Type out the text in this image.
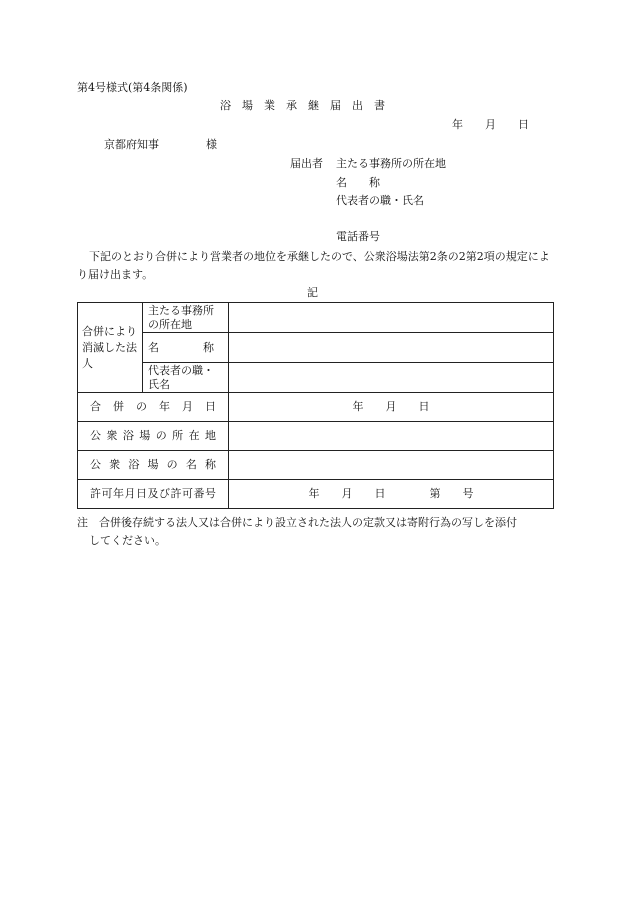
第4号様式(第4条関係)
浴場業承継届出書
年　　月　　日
京都府知事	様
届出者 主たる事務所の所在地
名　　称
代表者の職・氏名
電話番号
下記のとおり合併により営業者の地位を承継したので、公衆浴場法第2条の2第2項の規定により届け出ます。
記
合併により消滅した法人	主たる事務所の所在地	
	名　　　　称	
	代表者の職・氏名	
合併の年月日		年　　月　　日
公衆浴場の所在地		
公衆浴場の名称		
許可年月日及び許可番号		年　　月　　日　　　　第　　号
注　合併後存続する法人又は合併により設立された法人の定款又は寄附行為の写しを添付
してください。
